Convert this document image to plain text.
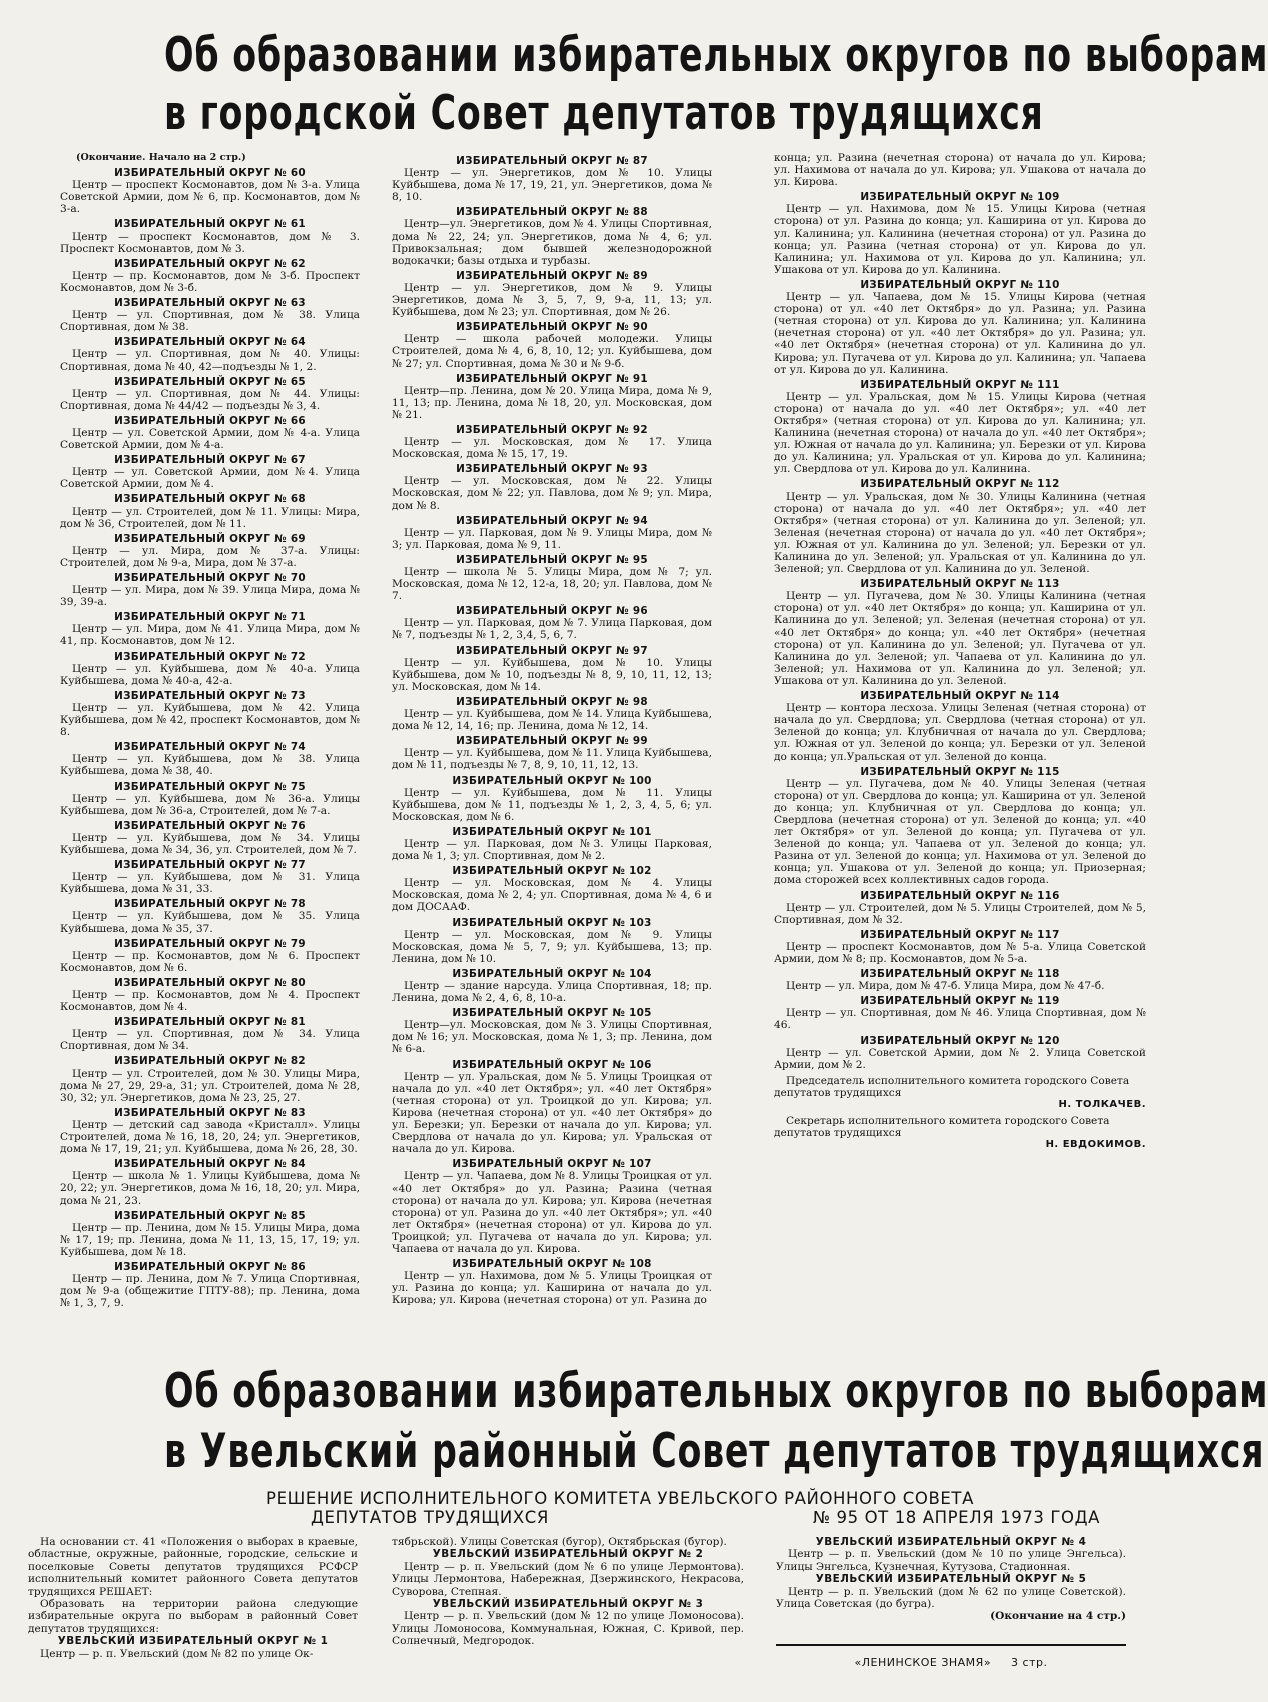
Об образовании избирательных округов по выборам
в городской Совет депутатов трудящихся
(Окончание. Начало на 2 стр.)
ИЗБИРАТЕЛЬНЫЙ ОКРУГ № 60
Центр — проспект Космонавтов, дом № 3-а. Улица Советской Армии, дом № 6, пр. Космонавтов, дом № 3-а.
ИЗБИРАТЕЛЬНЫЙ ОКРУГ № 61
Центр — проспект Космонавтов, дом № 3. Проспект Космонавтов, дом № 3.
ИЗБИРАТЕЛЬНЫЙ ОКРУГ № 62
Центр — пр. Космонавтов, дом № 3-б. Проспект Космонавтов, дом № 3-б.
ИЗБИРАТЕЛЬНЫЙ ОКРУГ № 63
Центр — ул. Спортивная, дом № 38. Улица Спортивная, дом № 38.
ИЗБИРАТЕЛЬНЫЙ ОКРУГ № 64
Центр — ул. Спортивная, дом № 40. Улицы: Спортивная, дома № 40, 42—подъезды № 1, 2.
ИЗБИРАТЕЛЬНЫЙ ОКРУГ № 65
Центр — ул. Спортивная, дом № 44. Улицы: Спортивная, дома № 44/42 — подъезды № 3, 4.
ИЗБИРАТЕЛЬНЫЙ ОКРУГ № 66
Центр — ул. Советской Армии, дом № 4-а. Улица Советской Армии, дом № 4-а.
ИЗБИРАТЕЛЬНЫЙ ОКРУГ № 67
Центр — ул. Советской Армии, дом №4. Улица Советской Армии, дом № 4.
ИЗБИРАТЕЛЬНЫЙ ОКРУГ № 68
Центр — ул. Строителей, дом № 11. Улицы: Мира, дом № 36, Строителей, дом № 11.
ИЗБИРАТЕЛЬНЫЙ ОКРУГ № 69
Центр — ул. Мира, дом № 37-а. Улицы: Строителей, дом № 9-а, Мира, дом № 37-а.
ИЗБИРАТЕЛЬНЫЙ ОКРУГ № 70
Центр — ул. Мира, дом № 39. Улица Мира, дома № 39, 39-а.
ИЗБИРАТЕЛЬНЫЙ ОКРУГ № 71
Центр — ул. Мира, дом № 41. Улица Мира, дом № 41, пр. Космонавтов, дом № 12.
ИЗБИРАТЕЛЬНЫЙ ОКРУГ № 72
Центр — ул. Куйбышева, дом № 40-а. Улица Куйбышева, дома № 40-а, 42-а.
ИЗБИРАТЕЛЬНЫЙ ОКРУГ № 73
Центр — ул. Куйбышева, дом № 42. Улица Куйбышева, дом № 42, проспект Космонавтов, дом № 8.
ИЗБИРАТЕЛЬНЫЙ ОКРУГ № 74
Центр — ул. Куйбышева, дом № 38. Улица Куйбышева, дома № 38, 40.
ИЗБИРАТЕЛЬНЫЙ ОКРУГ № 75
Центр — ул. Куйбышева, дом № 36-а. Улицы Куйбышева, дом № 36-а, Строителей, дом № 7-а.
ИЗБИРАТЕЛЬНЫЙ ОКРУГ № 76
Центр — ул. Куйбышева, дом № 34. Улицы Куйбышева, дома № 34, 36, ул. Строителей, дом № 7.
ИЗБИРАТЕЛЬНЫЙ ОКРУГ № 77
Центр — ул. Куйбышева, дом № 31. Улица Куйбышева, дома № 31, 33.
ИЗБИРАТЕЛЬНЫЙ ОКРУГ № 78
Центр — ул. Куйбышева, дом № 35. Улица Куйбышева, дома № 35, 37.
ИЗБИРАТЕЛЬНЫЙ ОКРУГ № 79
Центр — пр. Космонавтов, дом № 6. Проспект Космонавтов, дом № 6.
ИЗБИРАТЕЛЬНЫЙ ОКРУГ № 80
Центр — пр. Космонавтов, дом № 4. Проспект Космонавтов, дом № 4.
ИЗБИРАТЕЛЬНЫЙ ОКРУГ № 81
Центр — ул. Спортивная, дом № 34. Улица Спортивная, дом № 34.
ИЗБИРАТЕЛЬНЫЙ ОКРУГ № 82
Центр — ул. Строителей, дом № 30. Улицы Мира, дома № 27, 29, 29-а, 31; ул. Строителей, дома № 28, 30, 32; ул. Энергетиков, дома № 23, 25, 27.
ИЗБИРАТЕЛЬНЫЙ ОКРУГ № 83
Центр — детский сад завода «Кристалл». Улицы Строителей, дома № 16, 18, 20, 24; ул. Энергетиков, дома № 17, 19, 21; ул. Куйбышева, дома № 26, 28, 30.
ИЗБИРАТЕЛЬНЫЙ ОКРУГ № 84
Центр — школа № 1. Улицы Куйбышева, дома № 20, 22; ул. Энергетиков, дома № 16, 18, 20; ул. Мира, дома № 21, 23.
ИЗБИРАТЕЛЬНЫЙ ОКРУГ № 85
Центр — пр. Ленина, дом № 15. Улицы Мира, дома № 17, 19; пр. Ленина, дома № 11, 13, 15, 17, 19; ул. Куйбышева, дом № 18.
ИЗБИРАТЕЛЬНЫЙ ОКРУГ № 86
Центр — пр. Ленина, дом № 7. Улица Спортивная, дом № 9-а (общежитие ГПТУ-88); пр. Ленина, дома № 1, 3, 7, 9.
ИЗБИРАТЕЛЬНЫЙ ОКРУГ № 87
Центр — ул. Энергетиков, дом № 10. Улицы Куйбышева, дома № 17, 19, 21, ул. Энергетиков, дома № 8, 10.
ИЗБИРАТЕЛЬНЫЙ ОКРУГ № 88
Центр—ул. Энергетиков, дом № 4. Улицы Спортивная, дома № 22, 24; ул. Энергетиков, дома № 4, 6; ул. Привокзальная; дом бывшей железнодорожной водокачки; базы отдыха и турбазы.
ИЗБИРАТЕЛЬНЫЙ ОКРУГ № 89
Центр — ул. Энергетиков, дом № 9. Улицы Энергетиков, дома № 3, 5, 7, 9, 9-а, 11, 13; ул. Куйбышева, дом № 23; ул. Спортивная, дом № 26.
ИЗБИРАТЕЛЬНЫЙ ОКРУГ № 90
Центр — школа рабочей молодежи. Улицы Строителей, дома № 4, 6, 8, 10, 12; ул. Куйбышева, дом № 27; ул. Спортивная, дома № 30 и № 9-б.
ИЗБИРАТЕЛЬНЫЙ ОКРУГ № 91
Центр—пр. Ленина, дом № 20. Улица Мира, дома № 9, 11, 13; пр. Ленина, дома № 18, 20, ул. Московская, дом № 21.
ИЗБИРАТЕЛЬНЫЙ ОКРУГ № 92
Центр — ул. Московская, дом № 17. Улица Московская, дома № 15, 17, 19.
ИЗБИРАТЕЛЬНЫЙ ОКРУГ № 93
Центр — ул. Московская, дом № 22. Улицы Московская, дом № 22; ул. Павлова, дом № 9; ул. Мира, дом № 8.
ИЗБИРАТЕЛЬНЫЙ ОКРУГ № 94
Центр — ул. Парковая, дом № 9. Улицы Мира, дом № 3; ул. Парковая, дома № 9, 11.
ИЗБИРАТЕЛЬНЫЙ ОКРУГ № 95
Центр — школа № 5. Улицы Мира, дом № 7; ул. Московская, дома № 12, 12-а, 18, 20; ул. Павлова, дом № 7.
ИЗБИРАТЕЛЬНЫЙ ОКРУГ № 96
Центр — ул. Парковая, дом № 7. Улица Парковая, дом № 7, подъезды № 1, 2, 3,4, 5, 6, 7.
ИЗБИРАТЕЛЬНЫЙ ОКРУГ № 97
Центр — ул. Куйбышева, дом № 10. Улицы Куйбышева, дом № 10, подъезды № 8, 9, 10, 11, 12, 13; ул. Московская, дом № 14.
ИЗБИРАТЕЛЬНЫЙ ОКРУГ № 98
Центр — ул. Куйбышева, дом № 14. Улица Куйбышева, дома № 12, 14, 16; пр. Ленина, дома № 12, 14.
ИЗБИРАТЕЛЬНЫЙ ОКРУГ № 99
Центр — ул. Куйбышева, дом № 11. Улица Куйбышева, дом № 11, подъезды № 7, 8, 9, 10, 11, 12, 13.
ИЗБИРАТЕЛЬНЫЙ ОКРУГ № 100
Центр — ул. Куйбышева, дом № 11. Улицы Куйбышева, дом № 11, подъезды № 1, 2, 3, 4, 5, 6; ул. Московская, дом № 6.
ИЗБИРАТЕЛЬНЫЙ ОКРУГ № 101
Центр — ул. Парковая, дом №3. Улицы Парковая, дома № 1, 3; ул. Спортивная, дом № 2.
ИЗБИРАТЕЛЬНЫЙ ОКРУГ № 102
Центр — ул. Московская, дом № 4. Улицы Московская, дома № 2, 4; ул. Спортивная, дома № 4, 6 и дом ДОСААФ.
ИЗБИРАТЕЛЬНЫЙ ОКРУГ № 103
Центр — ул. Московская, дом № 9. Улицы Московская, дома № 5, 7, 9; ул. Куйбышева, 13; пр. Ленина, дом № 10.
ИЗБИРАТЕЛЬНЫЙ ОКРУГ № 104
Центр — здание нарсуда. Улица Спортивная, 18; пр. Ленина, дома № 2, 4, 6, 8, 10-а.
ИЗБИРАТЕЛЬНЫЙ ОКРУГ № 105
Центр—ул. Московская, дом № 3. Улицы Спортивная, дом № 16; ул. Московская, дома № 1, 3; пр. Ленина, дом № 6-а.
ИЗБИРАТЕЛЬНЫЙ ОКРУГ № 106
Центр — ул. Уральская, дом № 5. Улицы Троицкая от начала до ул. «40 лет Октября»; ул. «40 лет Октября» (четная сторона) от ул. Троицкой до ул. Кирова; ул. Кирова (нечетная сторона) от ул. «40 лет Октября» до ул. Березки; ул. Березки от начала до ул. Кирова; ул. Свердлова от начала до ул. Кирова; ул. Уральская от начала до ул. Кирова.
ИЗБИРАТЕЛЬНЫЙ ОКРУГ № 107
Центр — ул. Чапаева, дом № 8. Улицы Троицкая от ул. «40 лет Октября» до ул. Разина; Разина (четная сторона) от начала до ул. Кирова; ул. Кирова (нечетная сторона) от ул. Разина до ул. «40 лет Октября»; ул. «40 лет Октября» (нечетная сторона) от ул. Кирова до ул. Троицкой; ул. Пугачева от начала до ул. Кирова; ул. Чапаева от начала до ул. Кирова.
ИЗБИРАТЕЛЬНЫЙ ОКРУГ № 108
Центр — ул. Нахимова, дом № 5. Улицы Троицкая от ул. Разина до конца; ул. Каширина от начала до ул. Кирова; ул. Кирова (нечетная сторона) от ул. Разина до
конца; ул. Разина (нечетная сторона) от начала до ул. Кирова; ул. Нахимова от начала до ул. Кирова; ул. Ушакова от начала до ул. Кирова.
ИЗБИРАТЕЛЬНЫЙ ОКРУГ № 109
Центр — ул. Нахимова, дом № 15. Улицы Кирова (четная сторона) от ул. Разина до конца; ул. Каширина от ул. Кирова до ул. Калинина; ул. Калинина (нечетная сторона) от ул. Разина до конца; ул. Разина (четная сторона) от ул. Кирова до ул. Калинина; ул. Нахимова от ул. Кирова до ул. Калинина; ул. Ушакова от ул. Кирова до ул. Калинина.
ИЗБИРАТЕЛЬНЫЙ ОКРУГ № 110
Центр — ул. Чапаева, дом № 15. Улицы Кирова (четная сторона) от ул. «40 лет Октября» до ул. Разина; ул. Разина (четная сторона) от ул. Кирова до ул. Калинина; ул. Калинина (нечетная сторона) от ул. «40 лет Октября» до ул. Разина; ул. «40 лет Октября» (нечетная сторона) от ул. Калинина до ул. Кирова; ул. Пугачева от ул. Кирова до ул. Калинина; ул. Чапаева от ул. Кирова до ул. Калинина.
ИЗБИРАТЕЛЬНЫЙ ОКРУГ № 111
Центр — ул. Уральская, дом № 15. Улицы Кирова (четная сторона) от начала до ул. «40 лет Октября»; ул. «40 лет Октября» (четная сторона) от ул. Кирова до ул. Калинина; ул. Калинина (нечетная сторона) от начала до ул. «40 лет Октября»; ул. Южная от начала до ул. Калинина; ул. Березки от ул. Кирова до ул. Калинина; ул. Уральская от ул. Кирова до ул. Калинина; ул. Свердлова от ул. Кирова до ул. Калинина.
ИЗБИРАТЕЛЬНЫЙ ОКРУГ № 112
Центр — ул. Уральская, дом № 30. Улицы Калинина (четная сторона) от начала до ул. «40 лет Октября»; ул. «40 лет Октября» (четная сторона) от ул. Калинина до ул. Зеленой; ул. Зеленая (нечетная сторона) от начала до ул. «40 лет Октября»; ул. Южная от ул. Калинина до ул. Зеленой; ул. Березки от ул. Калинина до ул. Зеленой; ул. Уральская от ул. Калинина до ул. Зеленой; ул. Свердлова от ул. Калинина до ул. Зеленой.
ИЗБИРАТЕЛЬНЫЙ ОКРУГ № 113
Центр — ул. Пугачева, дом № 30. Улицы Калинина (четная сторона) от ул. «40 лет Октября» до конца; ул. Каширина от ул. Калинина до ул. Зеленой; ул. Зеленая (нечетная сторона) от ул. «40 лет Октября» до конца; ул. «40 лет Октября» (нечетная сторона) от ул. Калинина до ул. Зеленой; ул. Пугачева от ул. Калинина до ул. Зеленой; ул. Чапаева от ул. Калинина до ул. Зеленой; ул. Нахимова от ул. Калинина до ул. Зеленой; ул. Ушакова от ул. Калинина до ул. Зеленой.
ИЗБИРАТЕЛЬНЫЙ ОКРУГ № 114
Центр — контора лесхоза. Улицы Зеленая (четная сторона) от начала до ул. Свердлова; ул. Свердлова (четная сторона) от ул. Зеленой до конца; ул. Клубничная от начала до ул. Свердлова; ул. Южная от ул. Зеленой до конца; ул. Березки от ул. Зеленой до конца; ул.Уральская от ул. Зеленой до конца.
ИЗБИРАТЕЛЬНЫЙ ОКРУГ № 115
Центр — ул. Пугачева, дом № 40. Улицы Зеленая (четная сторона) от ул. Свердлова до конца; ул. Каширина от ул. Зеленой до конца; ул. Клубничная от ул. Свердлова до конца; ул. Свердлова (нечетная сторона) от ул. Зеленой до конца; ул. «40 лет Октября» от ул. Зеленой до конца; ул. Пугачева от ул. Зеленой до конца; ул. Чапаева от ул. Зеленой до конца; ул. Разина от ул. Зеленой до конца; ул. Нахимова от ул. Зеленой до конца; ул. Ушакова от ул. Зеленой до конца; ул. Приозерная; дома сторожей всех коллективных садов города.
ИЗБИРАТЕЛЬНЫЙ ОКРУГ № 116
Центр — ул. Строителей, дом № 5. Улицы Строителей, дом № 5, Спортивная, дом № 32.
ИЗБИРАТЕЛЬНЫЙ ОКРУГ № 117
Центр — проспект Космонавтов, дом № 5-а. Улица Советской Армии, дом № 8; пр. Космонавтов, дом № 5-а.
ИЗБИРАТЕЛЬНЫЙ ОКРУГ № 118
Центр — ул. Мира, дом № 47-б. Улица Мира, дом № 47-б.
ИЗБИРАТЕЛЬНЫЙ ОКРУГ № 119
Центр — ул. Спортивная, дом № 46. Улица Спортивная, дом № 46.
ИЗБИРАТЕЛЬНЫЙ ОКРУГ № 120
Центр — ул. Советской Армии, дом № 2. Улица Советской Армии, дом № 2.
Председатель исполнительного комитета городского Совета депутатов трудящихся
Н. ТОЛКАЧЕВ.
Секретарь исполнительного комитета городского Совета депутатов трудящихся
Н. ЕВДОКИМОВ.
Об образовании избирательных округов по выборам
в Увельский районный Совет депутатов трудящихся
РЕШЕНИЕ ИСПОЛНИТЕЛЬНОГО КОМИТЕТА УВЕЛЬСКОГО РАЙОННОГО СОВЕТА
ДЕПУТАТОВ ТРУДЯЩИХСЯ	№ 95 ОТ 18 АПРЕЛЯ 1973 ГОДА
На основании ст. 41 «Положения о выборах в краевые, областные, окружные, районные, городские, сельские и поселковые Советы депутатов трудящихся РСФСР исполнительный комитет районного Совета депутатов трудящихся РЕШАЕТ:
Образовать на территории района следующие избирательные округа по выборам в районный Совет депутатов трудящихся:
УВЕЛЬСКИЙ ИЗБИРАТЕЛЬНЫЙ ОКРУГ № 1
Центр — р. п. Увельский (дом № 82 по улице Ок-
тябрьской). Улицы Советская (бугор), Октябрьская (бугор).
УВЕЛЬСКИЙ ИЗБИРАТЕЛЬНЫЙ ОКРУГ № 2
Центр — р. п. Увельский (дом № 6 по улице Лермонтова). Улицы Лермонтова, Набережная, Дзержинского, Некрасова, Суворова, Степная.
УВЕЛЬСКИЙ ИЗБИРАТЕЛЬНЫЙ ОКРУГ № 3
Центр — р. п. Увельский (дом № 12 по улице Ломоносова). Улицы Ломоносова, Коммунальная, Южная, С. Кривой, пер. Солнечный, Медгородок.
УВЕЛЬСКИЙ ИЗБИРАТЕЛЬНЫЙ ОКРУГ № 4
Центр — р. п. Увельский (дом № 10 по улице Энгельса). Улицы Энгельса, Кузнечная, Кутузова, Стадионная.
УВЕЛЬСКИЙ ИЗБИРАТЕЛЬНЫЙ ОКРУГ № 5
Центр — р. п. Увельский (дом № 62 по улице Советской). Улица Советская (до бугра).
(Окончание на 4 стр.)
«ЛЕНИНСКОЕ ЗНАМЯ» 3 стр.
